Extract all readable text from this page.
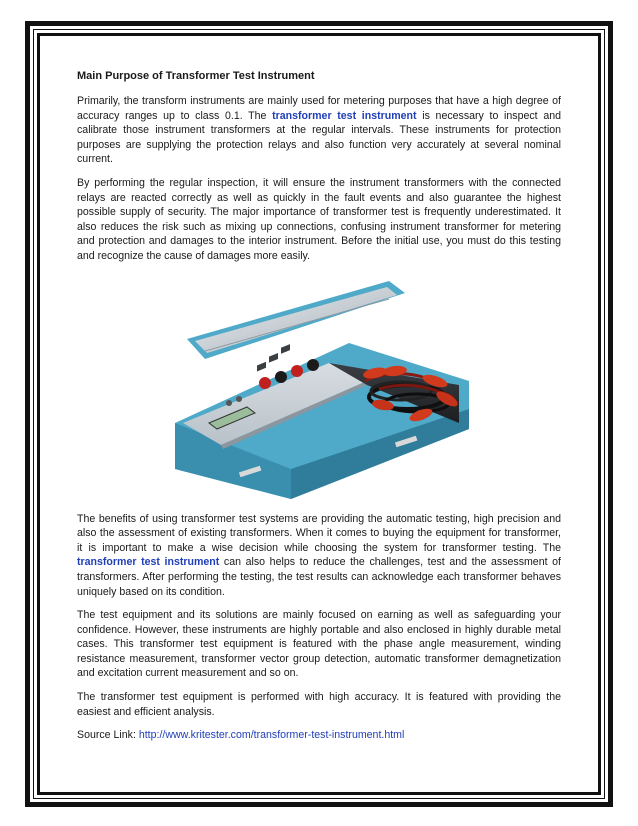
Main Purpose of Transformer Test Instrument

Primarily, the transform instruments are mainly used for metering purposes that have a high degree of accuracy ranges up to class 0.1. The transformer test instrument is necessary to inspect and calibrate those instrument transformers at the regular intervals. These instruments for protection purposes are supplying the protection relays and also function very accurately at several nominal current.

By performing the regular inspection, it will ensure the instrument transformers with the connected relays are reacted correctly as well as quickly in the fault events and also guarantee the highest possible supply of security. The major importance of transformer test is frequently underestimated. It also reduces the risk such as mixing up connections, confusing instrument transformer for metering and protection and damages to the interior instrument. Before the initial use, you must do this testing and recognize the cause of damages more easily.

The benefits of using transformer test systems are providing the automatic testing, high precision and also the assessment of existing transformers. When it comes to buying the equipment for transformer, it is important to make a wise decision while choosing the system for transformer testing. The transformer test instrument can also helps to reduce the challenges, test and the assessment of transformers. After performing the testing, the test results can acknowledge each transformer behaves uniquely based on its condition.

The test equipment and its solutions are mainly focused on earning as well as safeguarding your confidence. However, these instruments are highly portable and also enclosed in highly durable metal cases. This transformer test equipment is featured with the phase angle measurement, winding resistance measurement, transformer vector group detection, automatic transformer demagnetization and excitation current measurement and so on.

The transformer test equipment is performed with high accuracy. It is featured with providing the easiest and efficient analysis.

Source Link: http://www.kritester.com/transformer-test-instrument.html
